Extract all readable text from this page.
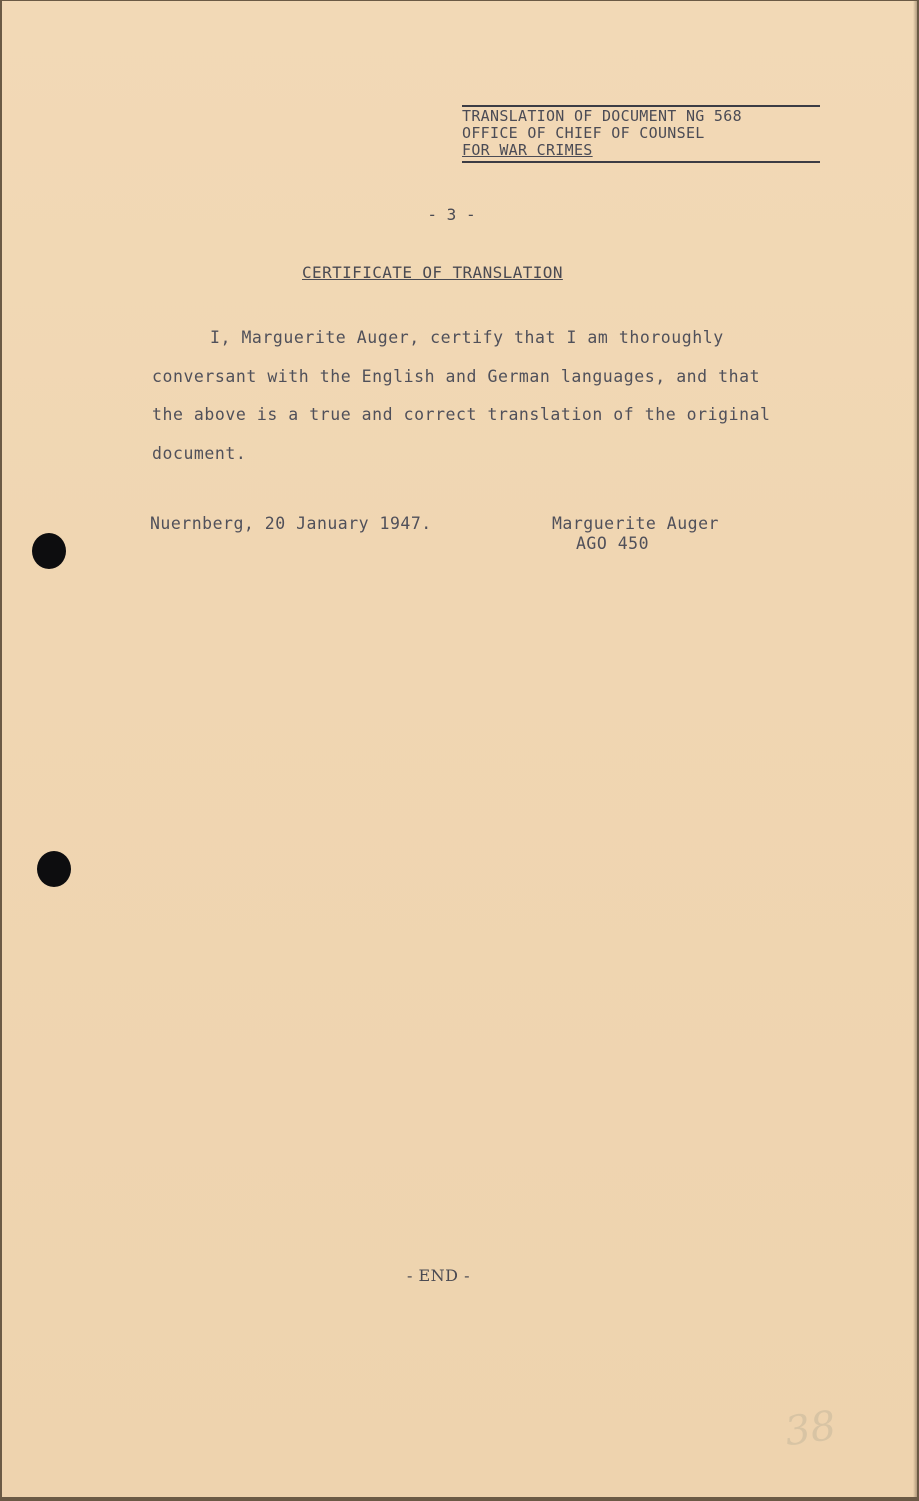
TRANSLATION OF DOCUMENT NG 568
OFFICE OF CHIEF OF COUNSEL
FOR WAR CRIMES
- 3 -
CERTIFICATE OF TRANSLATION
I, Marguerite Auger, certify that I am thoroughly
conversant with the English and German languages, and that
the above is a true and correct translation of the original
document.
Nuernberg, 20 January 1947.	Marguerite Auger
AGO 450
- END -
38
